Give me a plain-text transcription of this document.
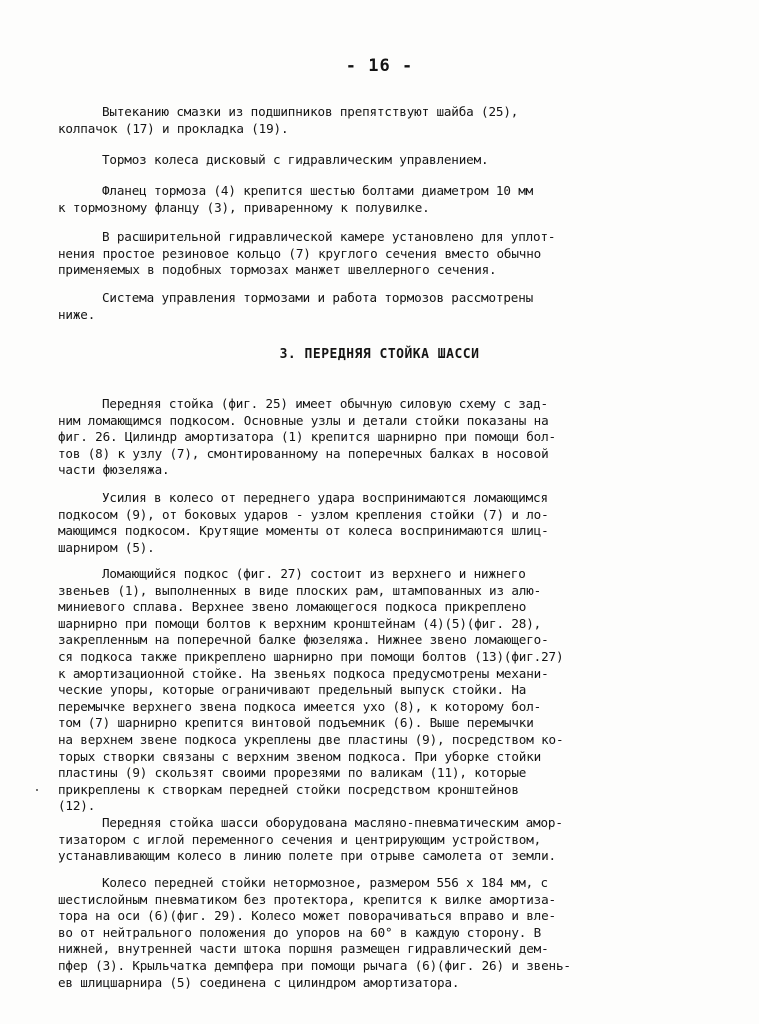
- 16 -
Вытеканию смазки из подшипников препятствуют шайба (25),
колпачок (17) и прокладка (19).
Тормоз колеса дисковый с гидравлическим управлением.
Фланец тормоза (4) крепится шестью болтами диаметром 10 мм
к тормозному фланцу (3), приваренному к полувилке.
В расширительной гидравлической камере установлено для уплот-
нения простое резиновое кольцо (7) круглого сечения вместо обычно
применяемых в подобных тормозах манжет швеллерного сечения.
Система управления тормозами и работа тормозов рассмотрены
ниже.
3. ПЕРЕДНЯЯ СТОЙКА ШАССИ
Передняя стойка (фиг. 25) имеет обычную силовую схему с зад-
ним ломающимся подкосом. Основные узлы и детали стойки показаны на
фиг. 26. Цилиндр амортизатора (1) крепится шарнирно при помощи бол-
тов (8) к узлу (7), смонтированному на поперечных балках в носовой
части фюзеляжа.
Усилия в колесо от переднего удара воспринимаются ломающимся
подкосом (9), от боковых ударов - узлом крепления стойки (7) и ло-
мающимся подкосом. Крутящие моменты от колеса воспринимаются шлиц-
шарниром (5).
Ломающийся подкос (фиг. 27) состоит из верхнего и нижнего
звеньев (1), выполненных в виде плоских рам, штампованных из алю-
миниевого сплава. Верхнее звено ломающегося подкоса прикреплено
шарнирно при помощи болтов к верхним кронштейнам (4)(5)(фиг. 28),
закрепленным на поперечной балке фюзеляжа. Нижнее звено ломающего-
ся подкоса также прикреплено шарнирно при помощи болтов (13)(фиг.27)
к амортизационной стойке. На звеньях подкоса предусмотрены механи-
ческие упоры, которые ограничивают предельный выпуск стойки. На
перемычке верхнего звена подкоса имеется ухо (8), к которому бол-
том (7) шарнирно крепится винтовой подъемник (6). Выше перемычки
на верхнем звене подкоса укреплены две пластины (9), посредством ко-
торых створки связаны с верхним звеном подкоса. При уборке стойки
пластины (9) скользят своими прорезями по валикам (11), которые
прикреплены к створкам передней стойки посредством кронштейнов
(12).
Передняя стойка шасси оборудована масляно-пневматическим амор-
тизатором с иглой переменного сечения и центрирующим устройством,
устанавливающим колесо в линию полете при отрыве самолета от земли.
Колесо передней стойки нетормозное, размером 556 x 184 мм, с
шестислойным пневматиком без протектора, крепится к вилке амортиза-
тора на оси (6)(фиг. 29). Колесо может поворачиваться вправо и вле-
во от нейтрального положения до упоров на 60° в каждую сторону. В
нижней, внутренней части штока поршня размещен гидравлический дем-
пфер (3). Крыльчатка демпфера при помощи рычага (6)(фиг. 26) и звень-
ев шлицшарнира (5) соединена с цилиндром амортизатора.
